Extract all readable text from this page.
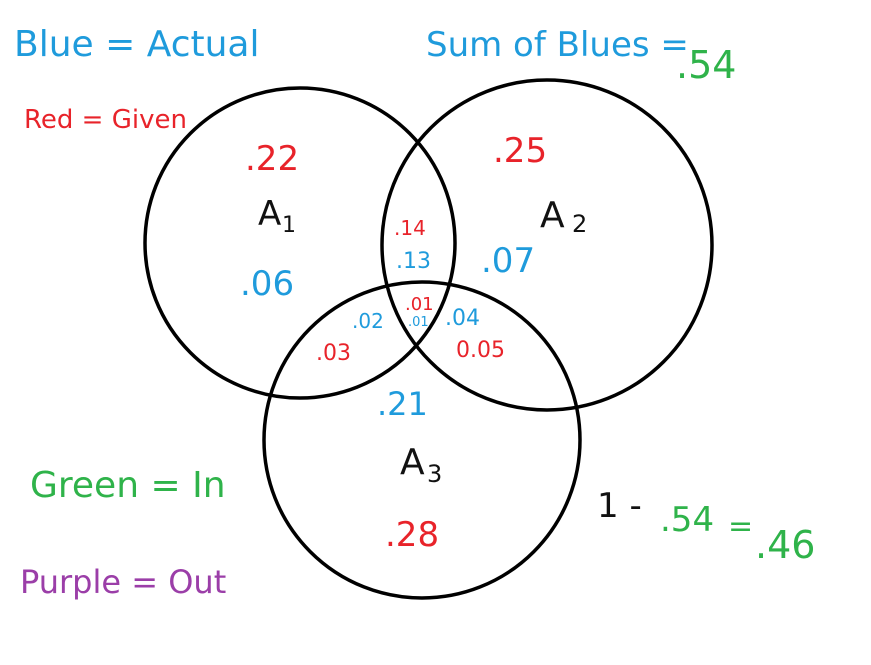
Blue = Actual
Red = Given
Sum of Blues =
.54
.22
A 1
.06
.25
A 2
.07
.14
.13
.01
.01
.02
.03
.04
0.05
.21
A 3
.28
Green = In
Purple = Out
1 - .54 = .46
